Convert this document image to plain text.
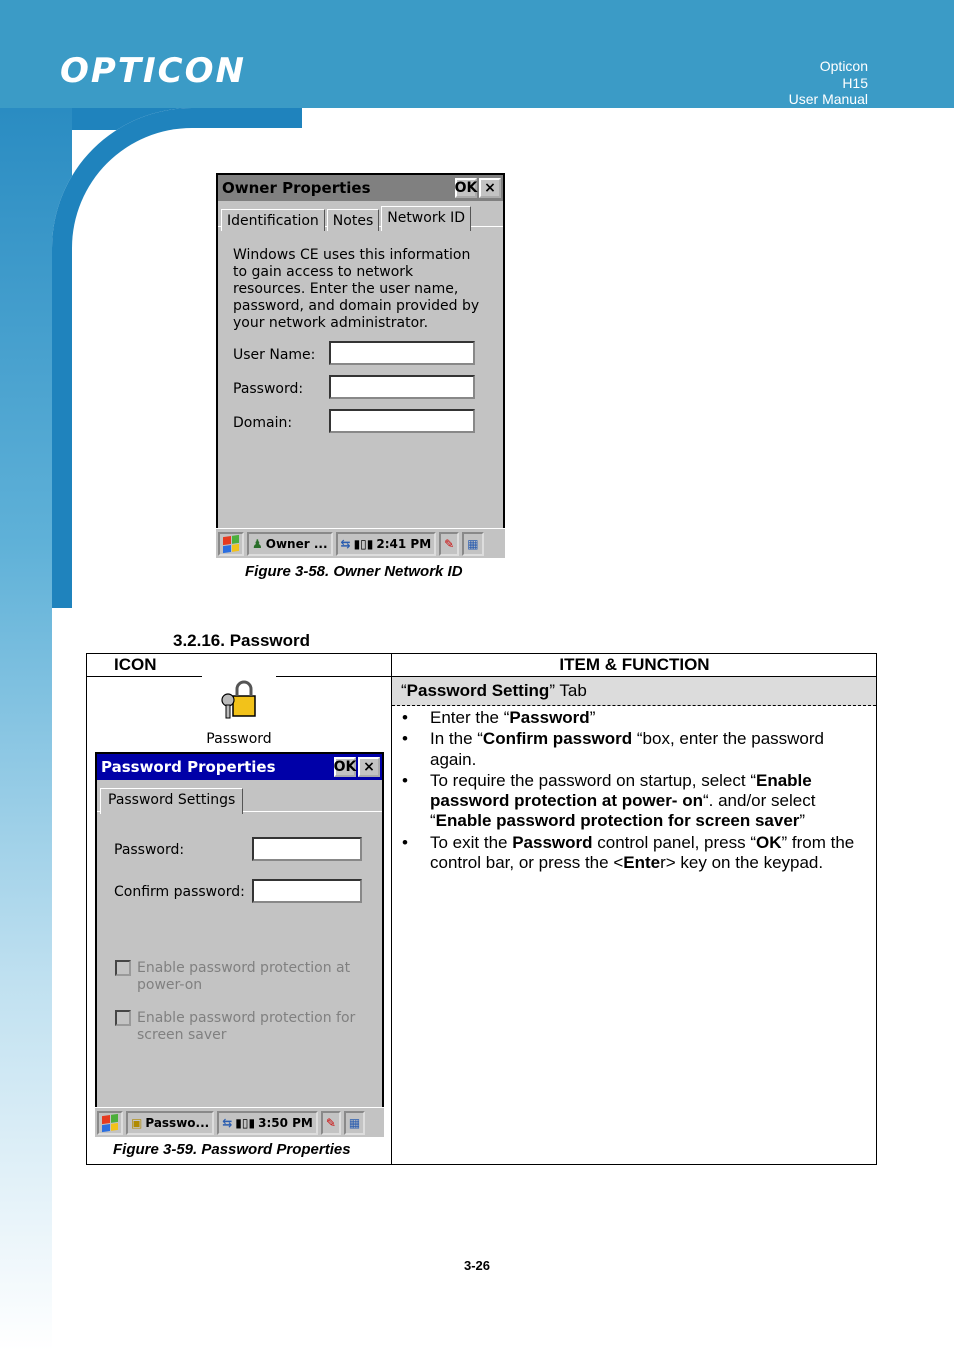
OPTICON	Opticon
H15
User Manual
Owner Properties	OK ×
Identification Notes Network ID
Windows CE uses this information to gain access to network resources. Enter the user name, password, and domain provided by your network administrator.
User Name:
Password:
Domain:
♟ Owner ... ⇆ ▮▯▮ 2:41 PM	✎	▦
Figure 3-58. Owner Network ID
3.2.16. Password
ICON	ITEM & FUNCTION
“Password Setting” Tab
• Enter the “Password”
• In the “Confirm password “box, enter the password again.
• To require the password on startup, select “Enable password protection at power- on“. and/or select “Enable password protection for screen saver”
• To exit the Password control panel, press “OK” from the control bar, or press the <Enter> key on the keypad.
Password
Password Properties	OK ×
Password Settings
Password:
Confirm password:
Enable password protection at power-on
Enable password protection for screen saver
▣ Passwo... ⇆ ▮▯▮ 3:50 PM	✎	▦
Figure 3-59. Password Properties
3-26
